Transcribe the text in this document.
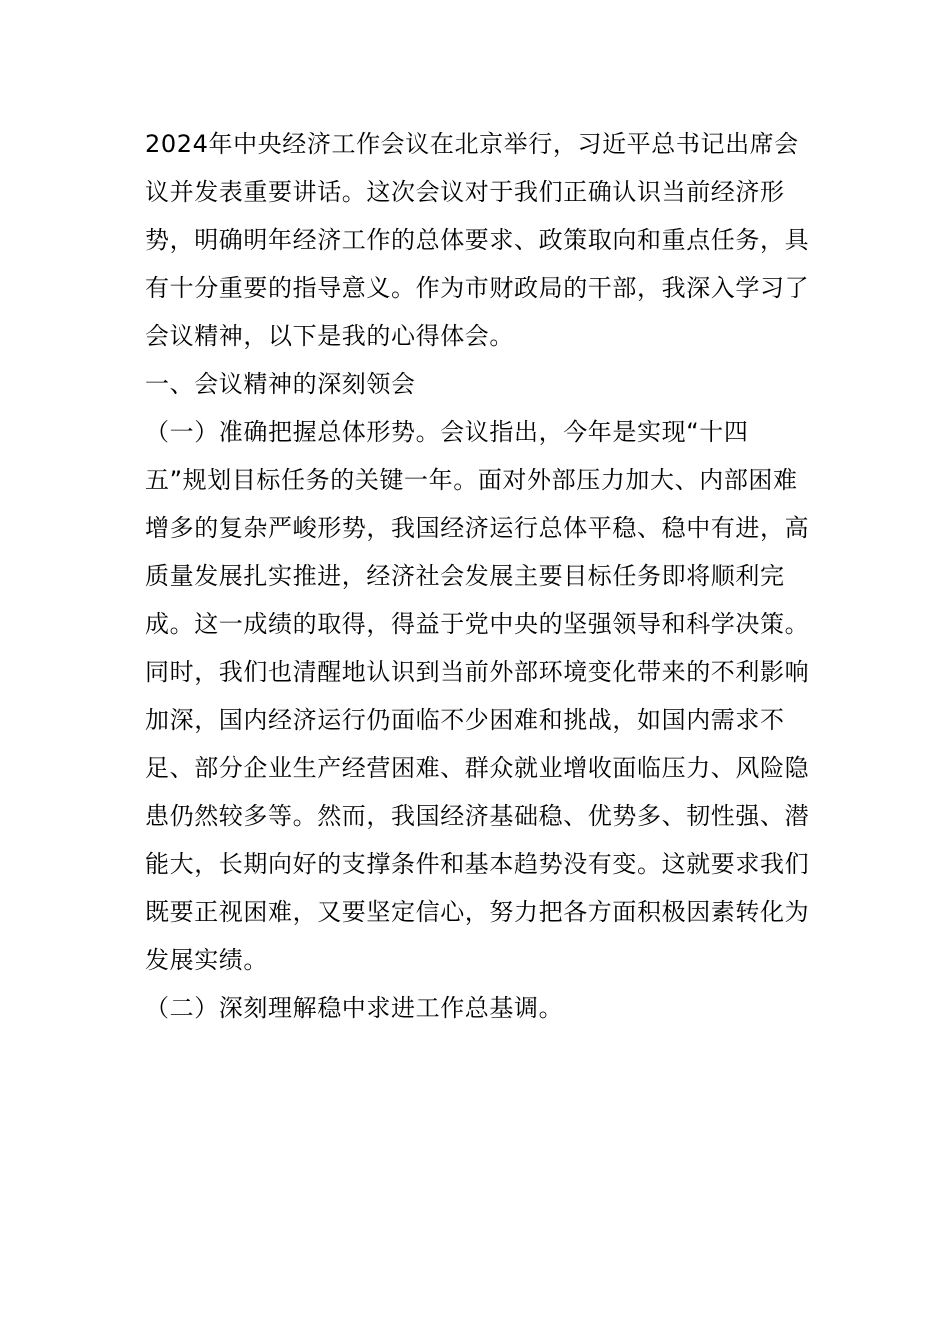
2024年中央经济工作会议在北京举行，习近平总书记出席会议并发表重要讲话。这次会议对于我们正确认识当前经济形势，明确明年经济工作的总体要求、政策取向和重点任务，具有十分重要的指导意义。作为市财政局的干部，我深入学习了会议精神，以下是我的心得体会。

一、会议精神的深刻领会

（一）准确把握总体形势。会议指出，今年是实现“十四五”规划目标任务的关键一年。面对外部压力加大、内部困难增多的复杂严峻形势，我国经济运行总体平稳、稳中有进，高质量发展扎实推进，经济社会发展主要目标任务即将顺利完成。这一成绩的取得，得益于党中央的坚强领导和科学决策。同时，我们也清醒地认识到当前外部环境变化带来的不利影响加深，国内经济运行仍面临不少困难和挑战，如国内需求不足、部分企业生产经营困难、群众就业增收面临压力、风险隐患仍然较多等。然而，我国经济基础稳、优势多、韧性强、潜能大，长期向好的支撑条件和基本趋势没有变。这就要求我们既要正视困难，又要坚定信心，努力把各方面积极因素转化为发展实绩。

（二）深刻理解稳中求进工作总基调。
